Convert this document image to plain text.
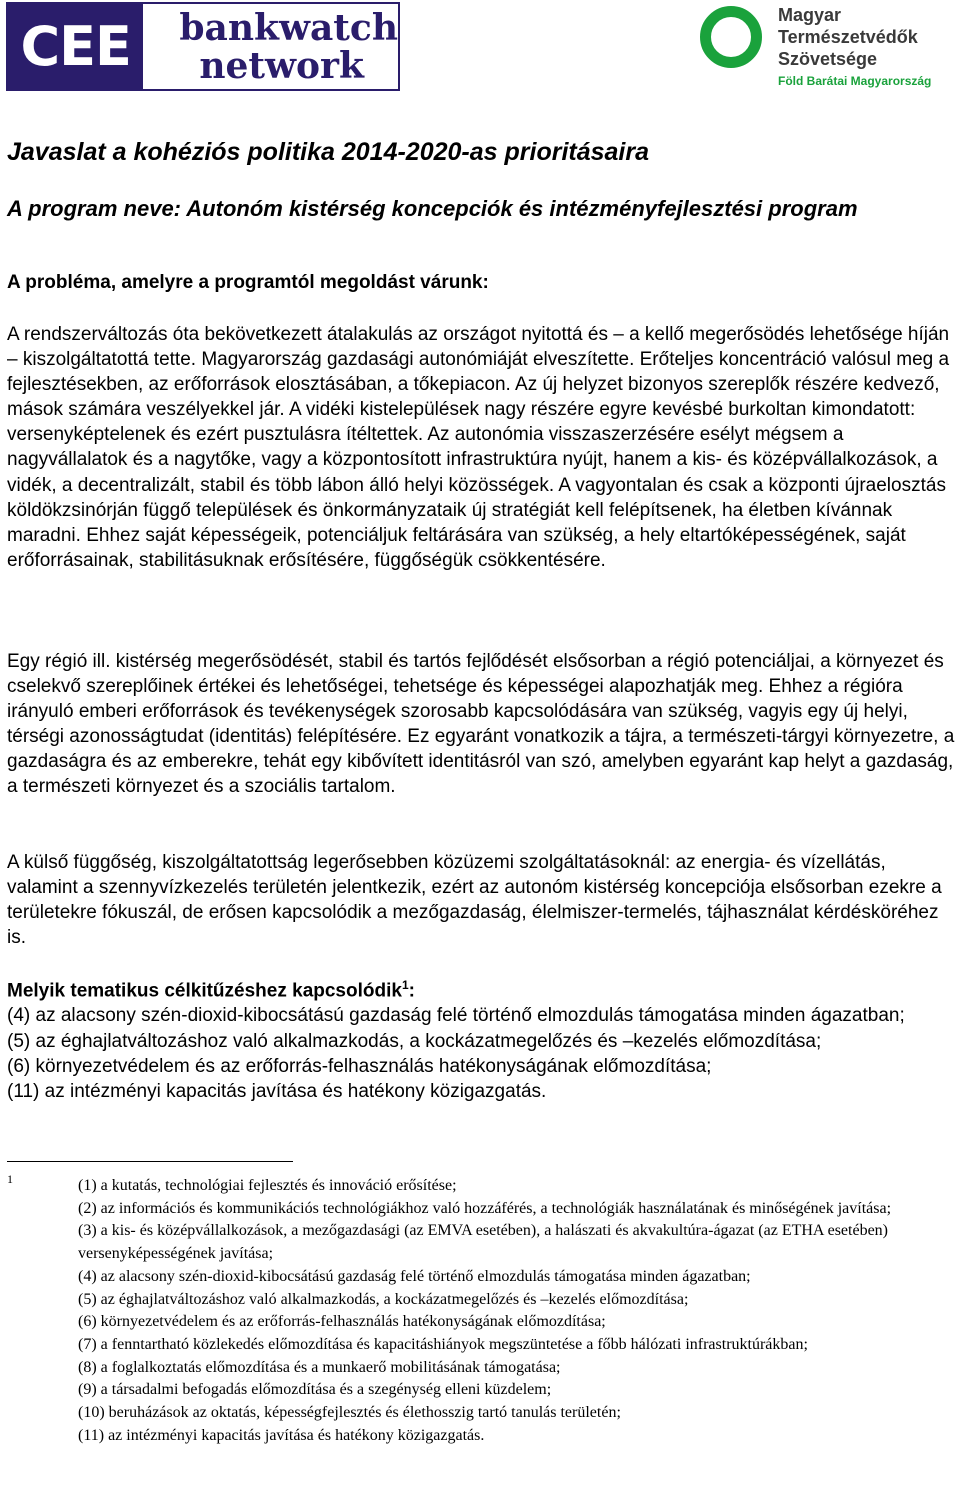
CEE	bankwatch
network
Magyar
Természetvédők
Szövetsége
Föld Barátai Magyarország
Javaslat a kohéziós politika 2014-2020-as prioritásaira
A program neve: Autonóm kistérség koncepciók és intézményfejlesztési program
A probléma, amelyre a programtól megoldást várunk:
A rendszerváltozás óta bekövetkezett átalakulás az országot nyitottá és – a kellő megerősödés lehetősége híján – kiszolgáltatottá tette. Magyarország gazdasági autonómiáját elveszítette. Erőteljes koncentráció valósul meg a fejlesztésekben, az erőforrások elosztásában, a tőkepiacon. Az új helyzet bizonyos szereplők részére kedvező, mások számára veszélyekkel jár. A vidéki kistelepülések nagy részére egyre kevésbé burkoltan kimondatott: versenyképtelenek és ezért pusztulásra ítéltettek. Az autonómia visszaszerzésére esélyt mégsem a nagyvállalatok és a nagytőke, vagy a központosított infrastruktúra nyújt, hanem a kis- és középvállalkozások, a vidék, a decentralizált, stabil és több lábon álló helyi közösségek. A vagyontalan és csak a központi újraelosztás köldökzsinórján függő települések és önkormányzataik új stratégiát kell felépítsenek, ha életben kívánnak maradni. Ehhez saját képességeik, potenciáljuk feltárására van szükség, a hely eltartóképességének, saját erőforrásainak, stabilitásuknak erősítésére, függőségük csökkentésére.
Egy régió ill. kistérség megerősödését, stabil és tartós fejlődését elsősorban a régió potenciáljai, a környezet és cselekvő szereplőinek értékei és lehetőségei, tehetsége és képességei alapozhatják meg. Ehhez a régióra irányuló emberi erőforrások és tevékenységek szorosabb kapcsolódására van szükség, vagyis egy új helyi, térségi azonosságtudat (identitás) felépítésére. Ez egyaránt vonatkozik a tájra, a természeti-tárgyi környezetre, a gazdaságra és az emberekre, tehát egy kibővített identitásról van szó, amelyben egyaránt kap helyt a gazdaság, a természeti környezet és a szociális tartalom.
A külső függőség, kiszolgáltatottság legerősebben közüzemi szolgáltatásoknál: az energia- és vízellátás, valamint a szennyvízkezelés területén jelentkezik, ezért az autonóm kistérség koncepciója elsősorban ezekre a területekre fókuszál, de erősen kapcsolódik a mezőgazdaság, élelmiszer-termelés, tájhasználat kérdésköréhez is.
Melyik tematikus célkitűzéshez kapcsolódik$^1$:
(4) az alacsony szén-dioxid-kibocsátású gazdaság felé történő elmozdulás támogatása minden ágazatban;
(5) az éghajlatváltozáshoz való alkalmazkodás, a kockázatmegelőzés és –kezelés előmozdítása;
(6) környezetvédelem és az erőforrás-felhasználás hatékonyságának előmozdítása;
(11) az intézményi kapacitás javítása és hatékony közigazgatás.
1	(1) a kutatás, technológiai fejlesztés és innováció erősítése;
(2) az információs és kommunikációs technológiákhoz való hozzáférés, a technológiák használatának és minőségének javítása;
(3) a kis- és középvállalkozások, a mezőgazdasági (az EMVA esetében), a halászati és akvakultúra-ágazat (az ETHA esetében) versenyképességének javítása;
(4) az alacsony szén-dioxid-kibocsátású gazdaság felé történő elmozdulás támogatása minden ágazatban;
(5) az éghajlatváltozáshoz való alkalmazkodás, a kockázatmegelőzés és –kezelés előmozdítása;
(6) környezetvédelem és az erőforrás-felhasználás hatékonyságának előmozdítása;
(7) a fenntartható közlekedés előmozdítása és kapacitáshiányok megszüntetése a főbb hálózati infrastruktúrákban;
(8) a foglalkoztatás előmozdítása és a munkaerő mobilitásának támogatása;
(9) a társadalmi befogadás előmozdítása és a szegénység elleni küzdelem;
(10) beruházások az oktatás, képességfejlesztés és élethosszig tartó tanulás területén;
(11) az intézményi kapacitás javítása és hatékony közigazgatás.
